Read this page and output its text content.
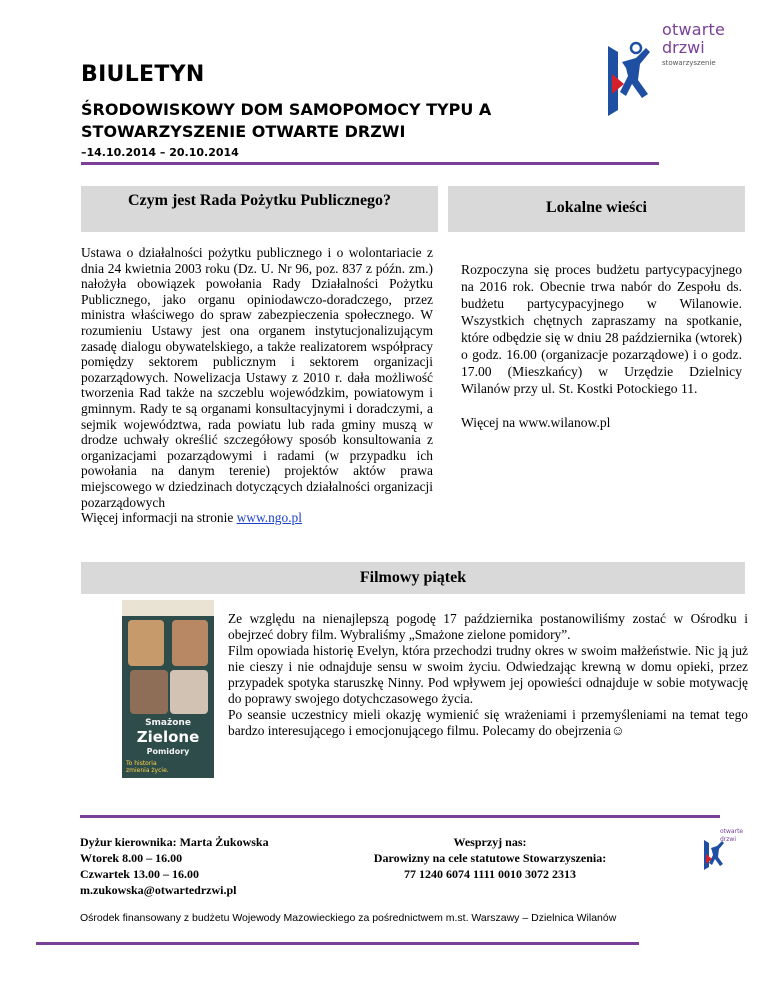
otwarte
drzwi
stowarzyszenie
BIULETYN
ŚRODOWISKOWY DOM SAMOPOMOCY TYPU A
STOWARZYSZENIE OTWARTE DRZWI
–14.10.2014 – 20.10.2014
Czym jest Rada Pożytku Publicznego?	Lokalne wieści

Ustawa o działalności pożytku publicznego i o wolontariacie z dnia 24 kwietnia 2003 roku (Dz. U. Nr 96, poz. 837 z późn. zm.) nałożyła obowiązek powołania Rady Działalności Pożytku Publicznego, jako organu opiniodawczo-doradczego, przez ministra właściwego do spraw zabezpieczenia społecznego. W rozumieniu Ustawy jest ona organem instytucjonalizującym zasadę dialogu obywatelskiego, a także realizatorem współpracy pomiędzy sektorem publicznym i sektorem organizacji pozarządowych. Nowelizacja Ustawy z 2010 r. dała możliwość tworzenia Rad także na szczeblu wojewódzkim, powiatowym i gminnym. Rady te są organami konsultacyjnymi i doradczymi, a sejmik województwa, rada powiatu lub rada gminy muszą w drodze uchwały określić szczegółowy sposób konsultowania z organizacjami pozarządowymi i radami (w przypadku ich powołania na danym terenie) projektów aktów prawa miejscowego w dziedzinach dotyczących działalności organizacji pozarządowych

Więcej informacji na stronie www.ngo.pl

Rozpoczyna się proces budżetu partycypacyjnego na 2016 rok. Obecnie trwa nabór do Zespołu ds. budżetu partycypacyjnego w Wilanowie. Wszystkich chętnych zapraszamy na spotkanie, które odbędzie się w dniu 28 października (wtorek) o godz. 16.00 (organizacje pozarządowe) i o godz. 17.00 (Mieszkańcy) w Urzędzie Dzielnicy Wilanów przy ul. St. Kostki Potockiego 11.

Więcej na www.wilanow.pl

Filmowy piątek
Smażone
Zielone
Pomidory
To historia zmienia życie.

Ze względu na nienajlepszą pogodę 17 października postanowiliśmy zostać w Ośrodku i obejrzeć dobry film. Wybraliśmy „Smażone zielone pomidory”.

Film opowiada historię Evelyn, która przechodzi trudny okres w swoim małżeństwie. Nic ją już nie cieszy i nie odnajduje sensu w swoim życiu. Odwiedzając krewną w domu opieki, przez przypadek spotyka staruszkę Ninny. Pod wpływem jej opowieści odnajduje w sobie motywację do poprawy swojego dotychczasowego życia.

Po seansie uczestnicy mieli okazję wymienić się wrażeniami i przemyśleniami na temat tego bardzo interesującego i emocjonującego filmu. Polecamy do obejrzenia☺

Dyżur kierownika: Marta Żukowska

Wtorek 8.00 – 16.00

Czwartek 13.00 – 16.00

m.zukowska@otwartedrzwi.pl

Wesprzyj nas:

Darowizny na cele statutowe Stowarzyszenia:

77 1240 6074 1111 0010 3072 2313

otwarte
drzwi
Ośrodek finansowany z budżetu Wojewody Mazowieckiego za pośrednictwem m.st. Warszawy – Dzielnica Wilanów
